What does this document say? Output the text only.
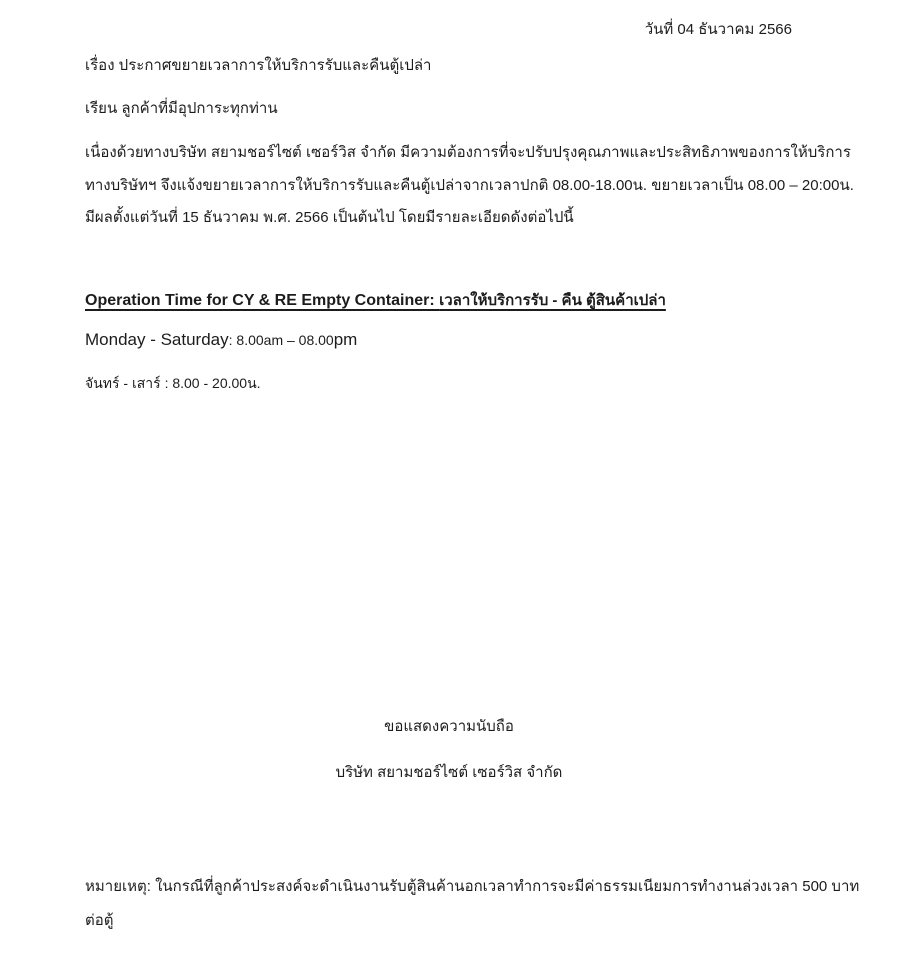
วันที่ 04 ธันวาคม 2566
เรื่อง ประกาศขยายเวลาการให้บริการรับและคืนตู้เปล่า
เรียน ลูกค้าที่มีอุปการะทุกท่าน
เนื่องด้วยทางบริษัท สยามชอร์ไซต์ เซอร์วิส จำกัด มีความต้องการที่จะปรับปรุงคุณภาพและประสิทธิภาพของการให้บริการ
ทางบริษัทฯ จึงแจ้งขยายเวลาการให้บริการรับและคืนตู้เปล่าจากเวลาปกติ 08.00-18.00น. ขยายเวลาเป็น 08.00 – 20:00น.
มีผลตั้งแต่วันที่ 15 ธันวาคม พ.ศ. 2566 เป็นต้นไป โดยมีรายละเอียดดังต่อไปนี้
Operation Time for CY & RE Empty Container: เวลาให้บริการรับ - คืน ตู้สินค้าเปล่า
Monday - Saturday: 8.00am – 08.00pm
จันทร์ - เสาร์ : 8.00 - 20.00น.
ขอแสดงความนับถือ
บริษัท สยามชอร์ไซต์ เซอร์วิส จำกัด
หมายเหตุ: ในกรณีที่ลูกค้าประสงค์จะดำเนินงานรับตู้สินค้านอกเวลาทำการจะมีค่าธรรมเนียมการทำงานล่วงเวลา 500 บาท
ต่อตู้
